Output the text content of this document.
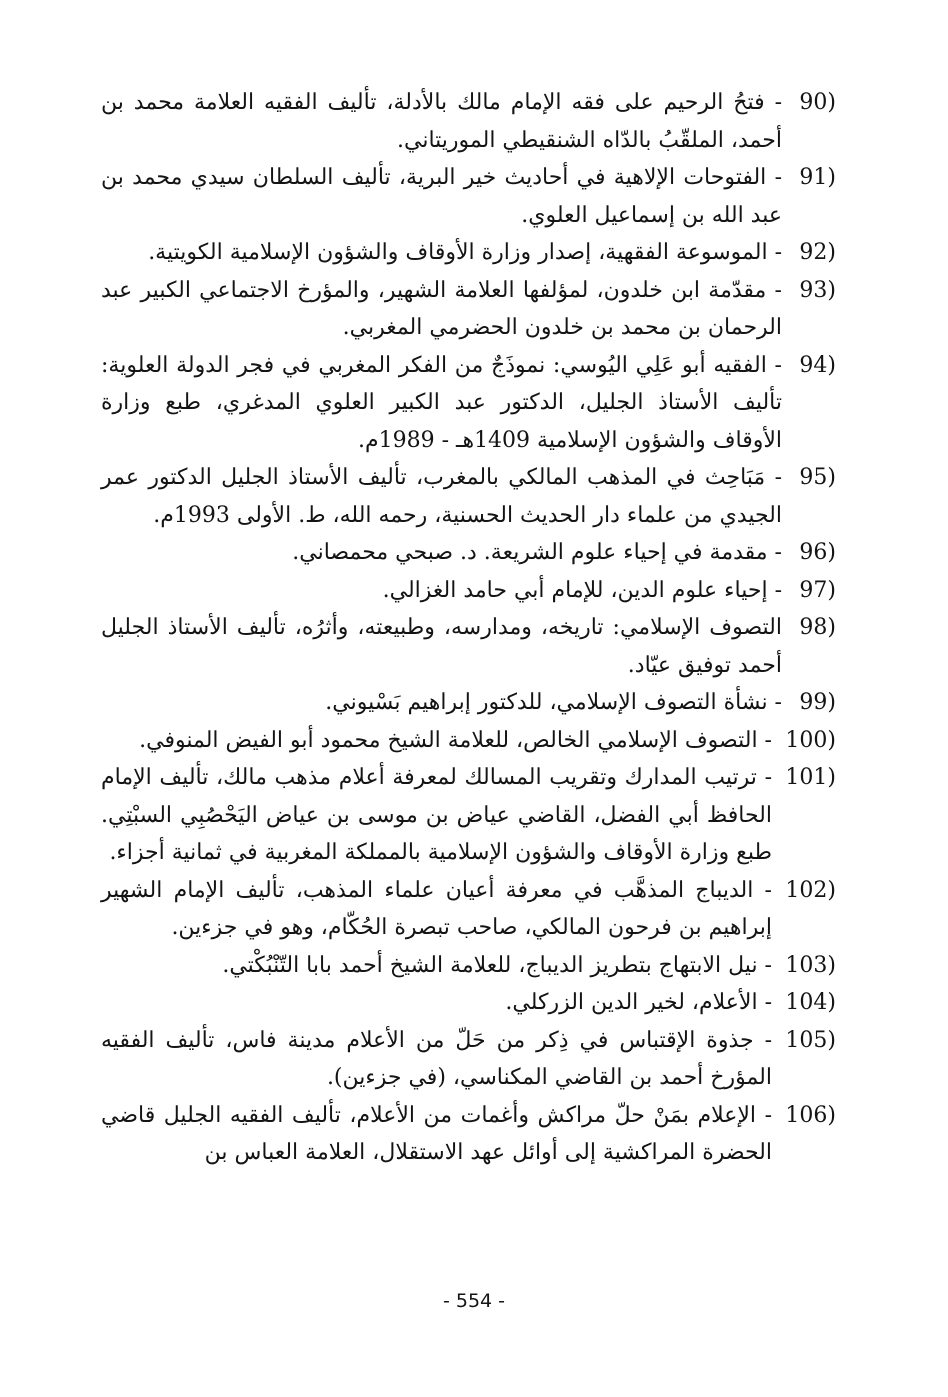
90)
- فتحُ الرحيم على فقه الإمام مالك بالأدلة، تأليف الفقيه العلامة محمد بن أحمد، الملقّبُ بالدّاه الشنقيطي الموريتاني.
91)
- الفتوحات الإلاهية في أحاديث خير البرية، تأليف السلطان سيدي محمد بن عبد الله بن إسماعيل العلوي.
92)
- الموسوعة الفقهية، إصدار وزارة الأوقاف والشؤون الإسلامية الكويتية.
93)
- مقدّمة ابن خلدون، لمؤلفها العلامة الشهير، والمؤرخ الاجتماعي الكبير عبد الرحمان بن محمد بن خلدون الحضرمي المغربي.
94)
- الفقيه أبو عَلِي اليُوسي: نموذَجٌ من الفكر المغربي في فجر الدولة العلوية: تأليف الأستاذ الجليل، الدكتور عبد الكبير العلوي المدغري، طبع وزارة الأوقاف والشؤون الإسلامية 1409هـ - 1989م.
95)
- مَبَاحِث في المذهب المالكي بالمغرب، تأليف الأستاذ الجليل الدكتور عمر الجيدي من علماء دار الحديث الحسنية، رحمه الله، ط. الأولى 1993م.
96)
- مقدمة في إحياء علوم الشريعة. د. صبحي محمصاني.
97)
- إحياء علوم الدين، للإمام أبي حامد الغزالي.
98)
التصوف الإسلامي: تاريخه، ومدارسه، وطبيعته، وأثرُه، تأليف الأستاذ الجليل أحمد توفيق عيّاد.
99)
- نشأة التصوف الإسلامي، للدكتور إبراهيم بَسْيوني.
100)
- التصوف الإسلامي الخالص، للعلامة الشيخ محمود أبو الفيض المنوفي.
101)
- ترتيب المدارك وتقريب المسالك لمعرفة أعلام مذهب مالك، تأليف الإمام الحافظ أبي الفضل، القاضي عياض بن موسى بن عياض اليَحْصُبِي السبْتِي. طبع وزارة الأوقاف والشؤون الإسلامية بالمملكة المغربية في ثمانية أجزاء.
102)
- الديباج المذهَّب في معرفة أعيان علماء المذهب، تأليف الإمام الشهير إبراهيم بن فرحون المالكي، صاحب تبصرة الحُكّام، وهو في جزءين.
103)
- نيل الابتهاج بتطريز الديباج، للعلامة الشيخ أحمد بابا التّنْبُكْتي.
104)
- الأعلام، لخير الدين الزركلي.
105)
- جذوة الإقتباس في ذِكر من حَلّ من الأعلام مدينة فاس، تأليف الفقيه المؤرخ أحمد بن القاضي المكناسي، (في جزءين).
106)
- الإعلام بمَنْ حلّ مراكش وأغمات من الأعلام، تأليف الفقيه الجليل قاضي الحضرة المراكشية إلى أوائل عهد الاستقلال، العلامة العباس بن
- 554 -
